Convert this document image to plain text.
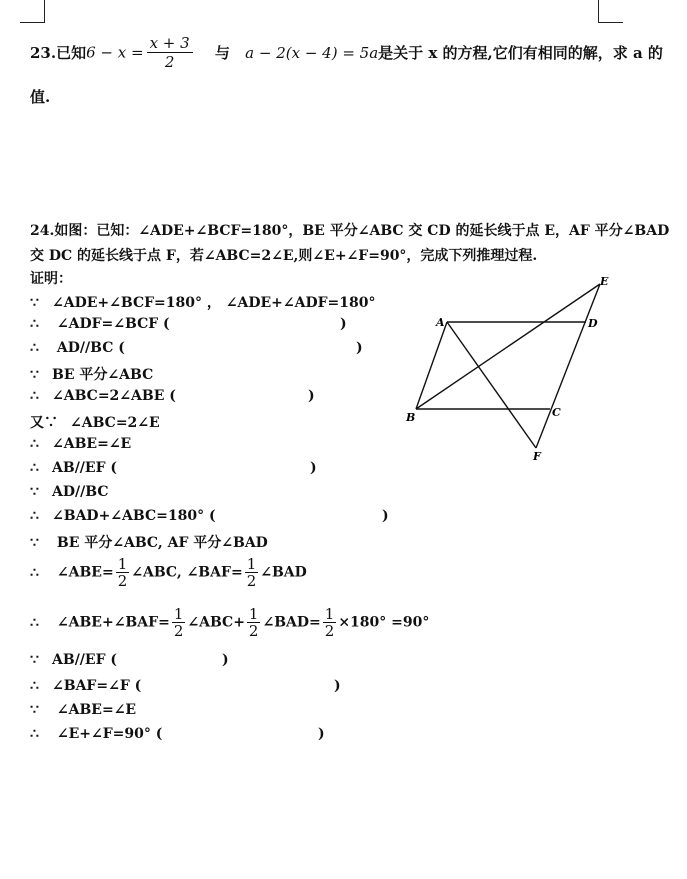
23.已知$6 - x = \frac{x + 3}{2}$ 与 a − 2(x − 4) = 5a是关于 x 的方程,它们有相同的解，求 a 的
值.
24.如图：已知：∠ADE+∠BCF=180°，BE 平分∠ABC 交 CD 的延长线于点 E，AF 平分∠BAD
交 DC 的延长线于点 F，若∠ABC=2∠E,则∠E+∠F=90°，完成下列推理过程.
证明：
∵ ∠ADE+∠BCF=180° ， ∠ADE+∠ADF=180°
∴ ∠ADF=∠BCF (	)
∴ AD//BC (	)
∵ BE 平分∠ABC
∴ ∠ABC=2∠ABE (	)
又∵ ∠ABC=2∠E
∴ ∠ABE=∠E
∴ AB//EF (	)
∵ AD//BC
∴ ∠BAD+∠ABC=180° (	)
∵ BE 平分∠ABC, AF 平分∠BAD
∴ ∠ABE= $\frac{1}{2}$ ∠ABC, ∠BAF= $\frac{1}{2}$ ∠BAD
∴ ∠ABE+∠BAF= $\frac{1}{2}$ ∠ABC+ $\frac{1}{2}$ ∠BAD= $\frac{1}{2} \times 180^\circ =90^\circ$
∵ AB//EF (	)
∴ ∠BAF=∠F (	)
∵ ∠ABE=∠E
∴ ∠E+∠F=90° (	)
A
B	C
D
E
F
